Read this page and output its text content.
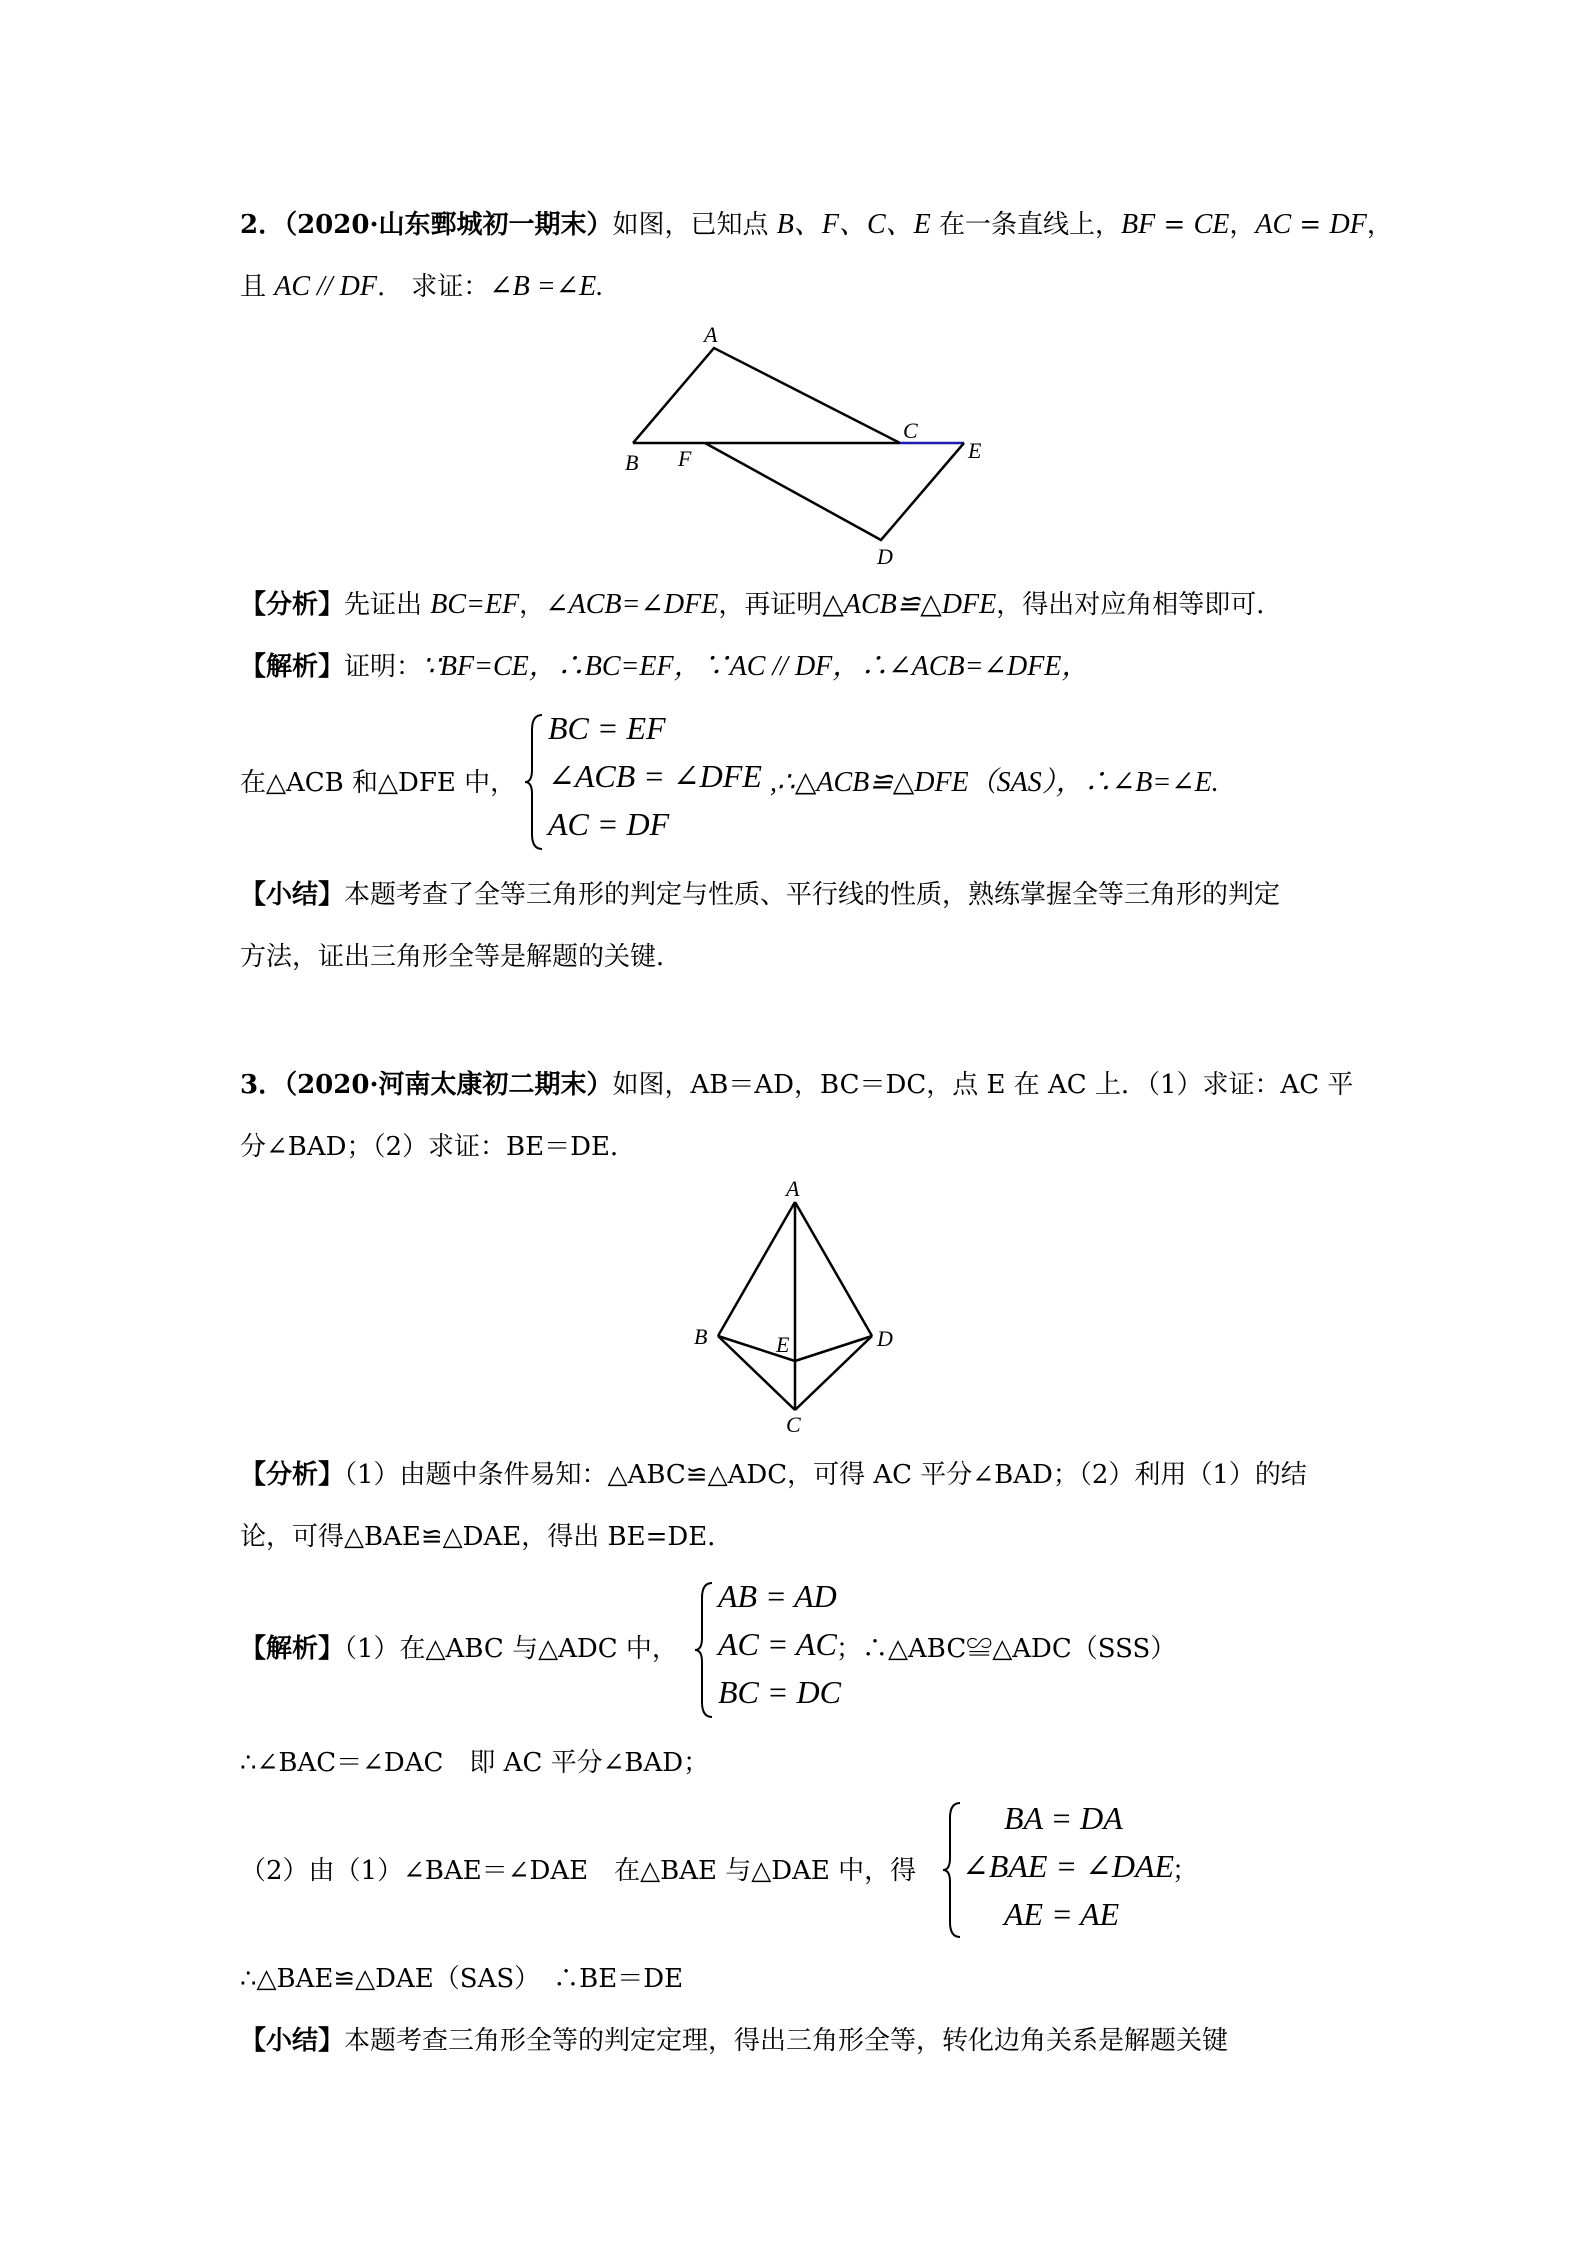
2．（2020·山东鄄城初一期末）如图，已知点 B、F、C、E 在一条直线上，BF = CE，AC = DF，
且 AC // DF.　求证：∠B =∠E.
A
B F
C
E
D
【分析】先证出 BC=EF，∠ACB=∠DFE，再证明△ACB≌△DFE，得出对应角相等即可．
【解析】证明：∵BF=CE，∴BC=EF，∵AC // DF，∴∠ACB=∠DFE，
在△ACB 和△DFE 中，
BC = EF
∠ACB = ∠DFE
AC = DF
,∴△ACB≌△DFE（SAS），∴∠B=∠E.
【小结】本题考查了全等三角形的判定与性质、平行线的性质，熟练掌握全等三角形的判定
方法，证出三角形全等是解题的关键．
3．（2020·河南太康初二期末）如图，AB＝AD，BC＝DC，点 E 在 AC 上．（1）求证：AC 平
分∠BAD；（2）求证：BE＝DE．
A
B	E	D
C
【分析】（1）由题中条件易知：△ABC≌△ADC，可得 AC 平分∠BAD；（2）利用（1）的结
论，可得△BAE≌△DAE，得出 BE=DE．
【解析】（1）在△ABC 与△ADC 中，
AB = AD
AC = AC
BC = DC
；∴△ABC≌△ADC（SSS）
∴∠BAC＝∠DAC　即 AC 平分∠BAD；
（2）由（1）∠BAE＝∠DAE　在△BAE 与△DAE 中，得
BA = DA
∠BAE = ∠DAE
AE = AE
；
∴△BAE≌△DAE（SAS）　∴BE＝DE
【小结】本题考查三角形全等的判定定理，得出三角形全等，转化边角关系是解题关键
